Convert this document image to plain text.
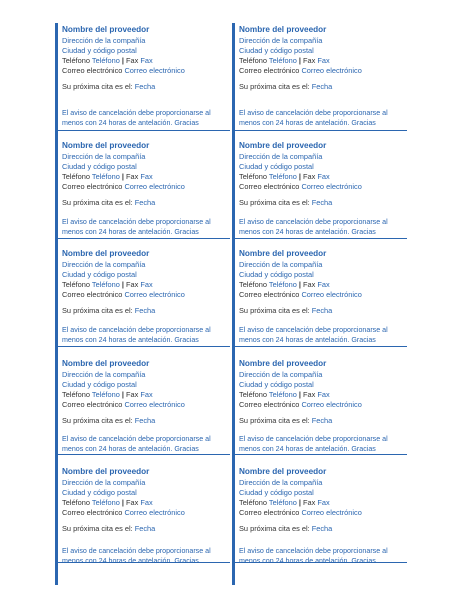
Nombre del proveedor
Dirección de la compañía
Ciudad y código postal
Teléfono Teléfono | Fax Fax
Correo electrónico Correo electrónico
Su próxima cita es el: Fecha
Nombre del proveedor
Dirección de la compañía
Ciudad y código postal
Teléfono Teléfono | Fax Fax
Correo electrónico Correo electrónico
Su próxima cita es el: Fecha
El aviso de cancelación debe proporcionarse al menos con 24 horas de antelación. Gracias
Nombre del proveedor
Dirección de la compañía
Ciudad y código postal
Teléfono Teléfono | Fax Fax
Correo electrónico Correo electrónico
Su próxima cita es el: Fecha
El aviso de cancelación debe proporcionarse al menos con 24 horas de antelación. Gracias
Nombre del proveedor
Dirección de la compañía
Ciudad y código postal
Teléfono Teléfono | Fax Fax
Correo electrónico Correo electrónico
Su próxima cita es el: Fecha
El aviso de cancelación debe proporcionarse al menos con 24 horas de antelación. Gracias
Nombre del proveedor
Dirección de la compañía
Ciudad y código postal
Teléfono Teléfono | Fax Fax
Correo electrónico Correo electrónico
Su próxima cita es el: Fecha
El aviso de cancelación debe proporcionarse al menos con 24 horas de antelación. Gracias
Nombre del proveedor
Dirección de la compañía
Ciudad y código postal
Teléfono Teléfono | Fax Fax
Correo electrónico Correo electrónico
Su próxima cita es el: Fecha
El aviso de cancelación debe proporcionarse al menos con 24 horas de antelación. Gracias
Nombre del proveedor
Dirección de la compañía
Ciudad y código postal
Teléfono Teléfono | Fax Fax
Correo electrónico Correo electrónico
Su próxima cita es el: Fecha
El aviso de cancelación debe proporcionarse al menos con 24 horas de antelación. Gracias
Nombre del proveedor
Dirección de la compañía
Ciudad y código postal
Teléfono Teléfono | Fax Fax
Correo electrónico Correo electrónico
Su próxima cita es el: Fecha
El aviso de cancelación debe proporcionarse al menos con 24 horas de antelación. Gracias
Nombre del proveedor
Dirección de la compañía
Ciudad y código postal
Teléfono Teléfono | Fax Fax
Correo electrónico Correo electrónico
Su próxima cita es el: Fecha
El aviso de cancelación debe proporcionarse al menos con 24 horas de antelación. Gracias
Nombre del proveedor
Dirección de la compañía
Ciudad y código postal
Teléfono Teléfono | Fax Fax
Correo electrónico Correo electrónico
Su próxima cita es el: Fecha
El aviso de cancelación debe proporcionarse al menos con 24 horas de antelación. Gracias
El aviso de cancelación debe proporcionarse al menos con 24 horas de antelación. Gracias
